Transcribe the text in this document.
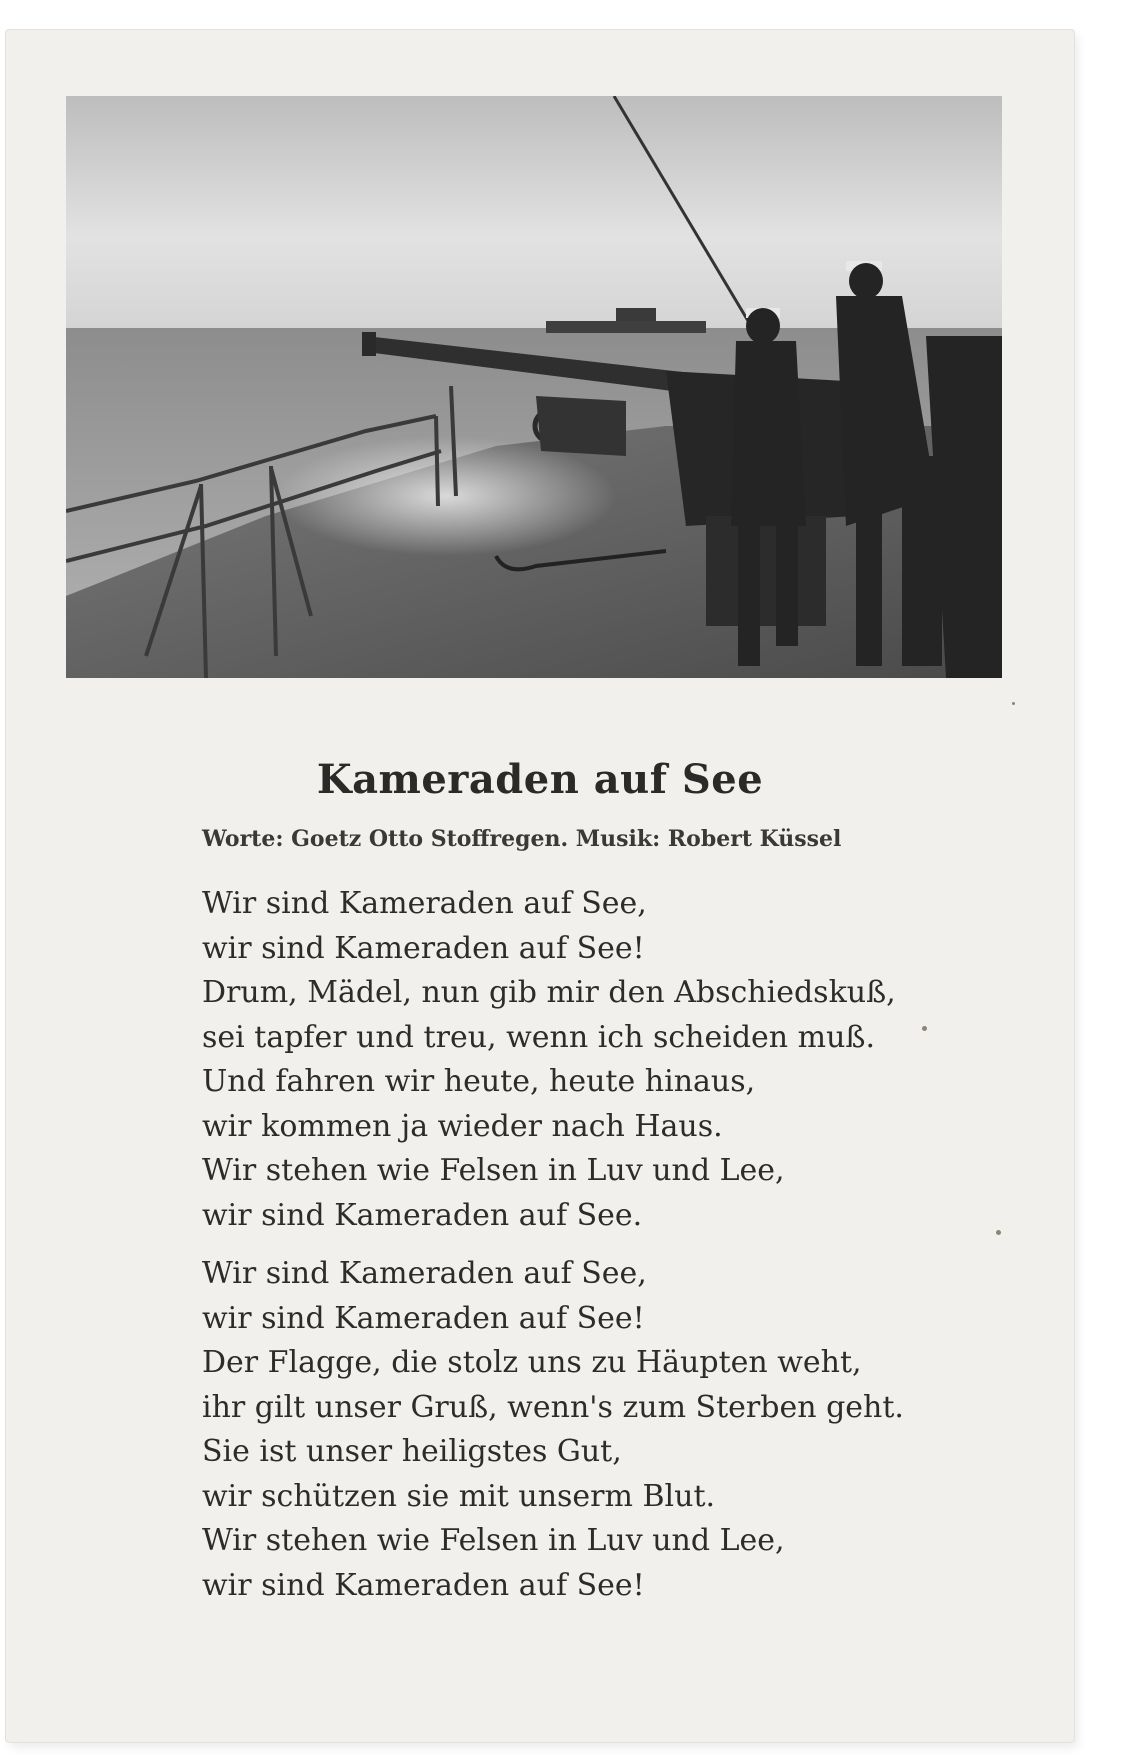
Kameraden auf See
Worte: Goetz Otto Stoffregen. Musik: Robert Küssel
Wir sind Kameraden auf See,
wir sind Kameraden auf See!
Drum, Mädel, nun gib mir den Abschiedskuß,
sei tapfer und treu, wenn ich scheiden muß.
Und fahren wir heute, heute hinaus,
wir kommen ja wieder nach Haus.
Wir stehen wie Felsen in Luv und Lee,
wir sind Kameraden auf See.
Wir sind Kameraden auf See,
wir sind Kameraden auf See!
Der Flagge, die stolz uns zu Häupten weht,
ihr gilt unser Gruß, wenn's zum Sterben geht.
Sie ist unser heiligstes Gut,
wir schützen sie mit unserm Blut.
Wir stehen wie Felsen in Luv und Lee,
wir sind Kameraden auf See!
